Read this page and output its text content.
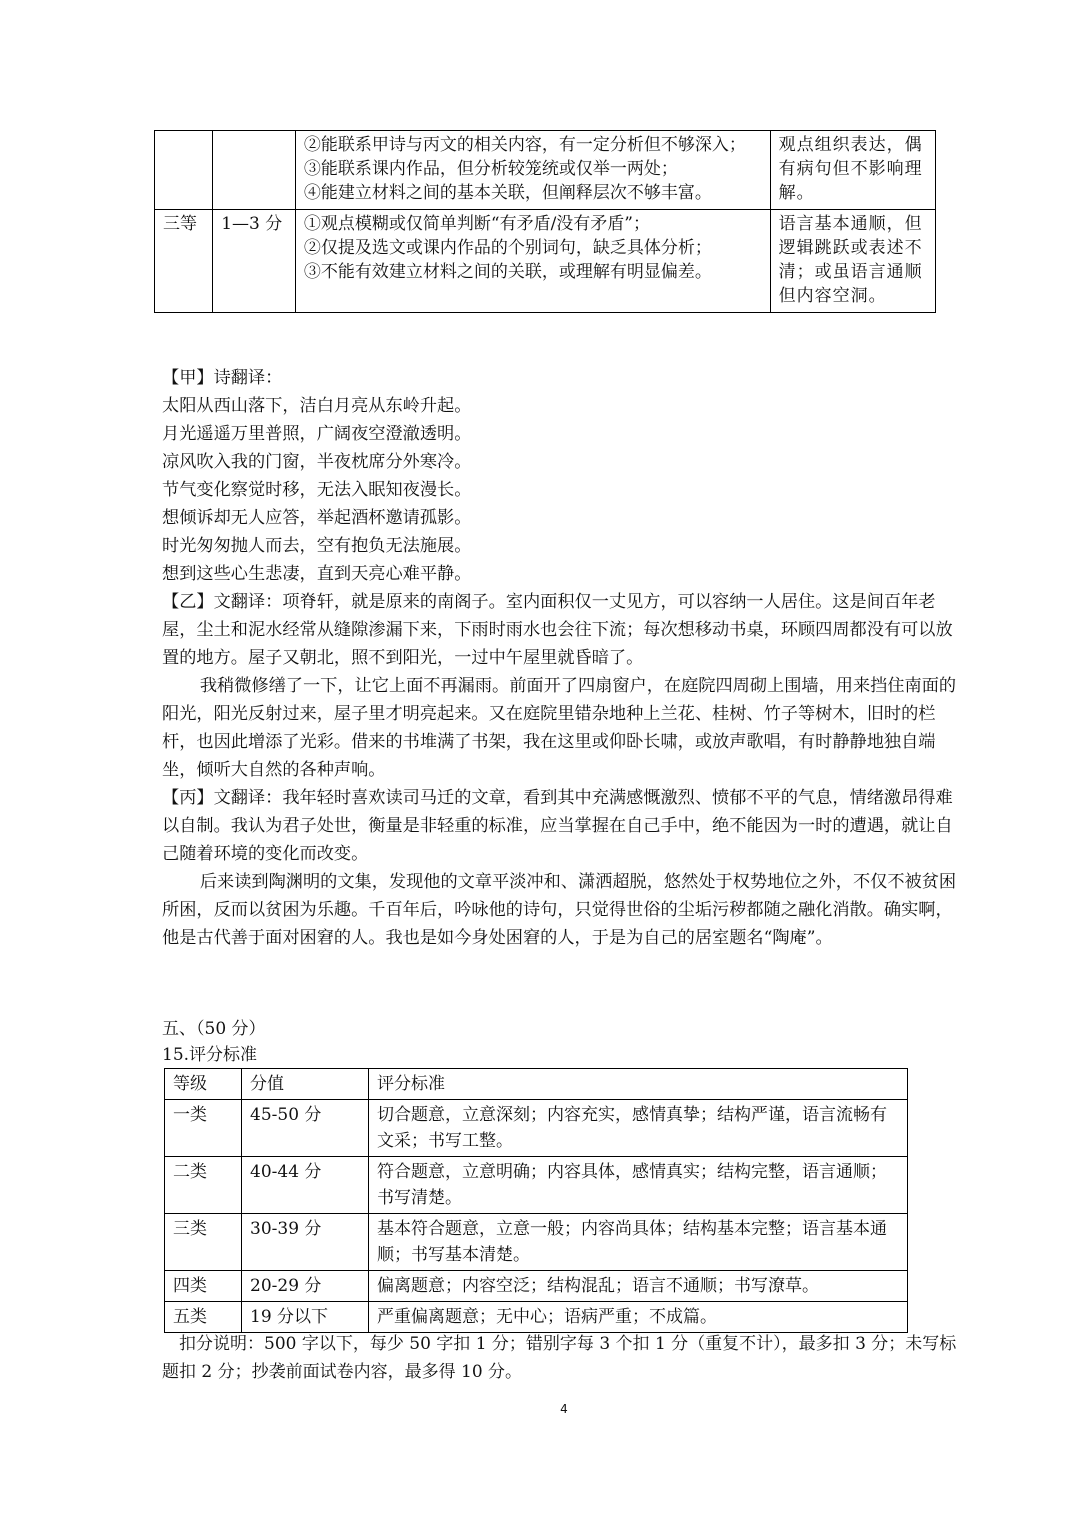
		②能联系甲诗与丙文的相关内容，有一定分析但不够深入；
③能联系课内作品，但分析较笼统或仅举一两处；
④能建立材料之间的基本关联，但阐释层次不够丰富。	观点组织表达，偶有病句但不影响理解。
三等	1—3 分	①观点模糊或仅简单判断“有矛盾/没有矛盾”；
②仅提及选文或课内作品的个别词句，缺乏具体分析；
③不能有效建立材料之间的关联，或理解有明显偏差。	语言基本通顺，但逻辑跳跃或表述不清；或虽语言通顺但内容空洞。

【甲】诗翻译：

太阳从西山落下，洁白月亮从东岭升起。

月光遥遥万里普照，广阔夜空澄澈透明。

凉风吹入我的门窗，半夜枕席分外寒冷。

节气变化察觉时移，无法入眠知夜漫长。

想倾诉却无人应答，举起酒杯邀请孤影。

时光匆匆抛人而去，空有抱负无法施展。

想到这些心生悲凄，直到天亮心难平静。

【乙】文翻译：项脊轩，就是原来的南阁子。室内面积仅一丈见方，可以容纳一人居住。这是间百年老屋，尘土和泥水经常从缝隙渗漏下来，下雨时雨水也会往下流；每次想移动书桌，环顾四周都没有可以放置的地方。屋子又朝北，照不到阳光，一过中午屋里就昏暗了。

我稍微修缮了一下，让它上面不再漏雨。前面开了四扇窗户，在庭院四周砌上围墙，用来挡住南面的阳光，阳光反射过来，屋子里才明亮起来。又在庭院里错杂地种上兰花、桂树、竹子等树木，旧时的栏杆，也因此增添了光彩。借来的书堆满了书架，我在这里或仰卧长啸，或放声歌唱，有时静静地独自端坐，倾听大自然的各种声响。

【丙】文翻译：我年轻时喜欢读司马迁的文章，看到其中充满感慨激烈、愤郁不平的气息，情绪激昂得难以自制。我认为君子处世，衡量是非轻重的标准，应当掌握在自己手中，绝不能因为一时的遭遇，就让自己随着环境的变化而改变。

后来读到陶渊明的文集，发现他的文章平淡冲和、潇洒超脱，悠然处于权势地位之外，不仅不被贫困所困，反而以贫困为乐趣。千百年后，吟咏他的诗句，只觉得世俗的尘垢污秽都随之融化消散。确实啊，他是古代善于面对困窘的人。我也是如今身处困窘的人，于是为自己的居室题名“陶庵”。

五、（50 分）

15.评分标准

等级	分值	评分标准
一类	45-50 分	切合题意，立意深刻；内容充实，感情真挚；结构严谨，语言流畅有文采；书写工整。
二类	40-44 分	符合题意，立意明确；内容具体，感情真实；结构完整，语言通顺；书写清楚。
三类	30-39 分	基本符合题意，立意一般；内容尚具体；结构基本完整；语言基本通顺；书写基本清楚。
四类	20-29 分	偏离题意；内容空泛；结构混乱；语言不通顺；书写潦草。
五类	19 分以下	严重偏离题意；无中心；语病严重；不成篇。

扣分说明：500 字以下，每少 50 字扣 1 分；错别字每 3 个扣 1 分（重复不计），最多扣 3 分；未写标题扣 2 分；抄袭前面试卷内容，最多得 10 分。

4
